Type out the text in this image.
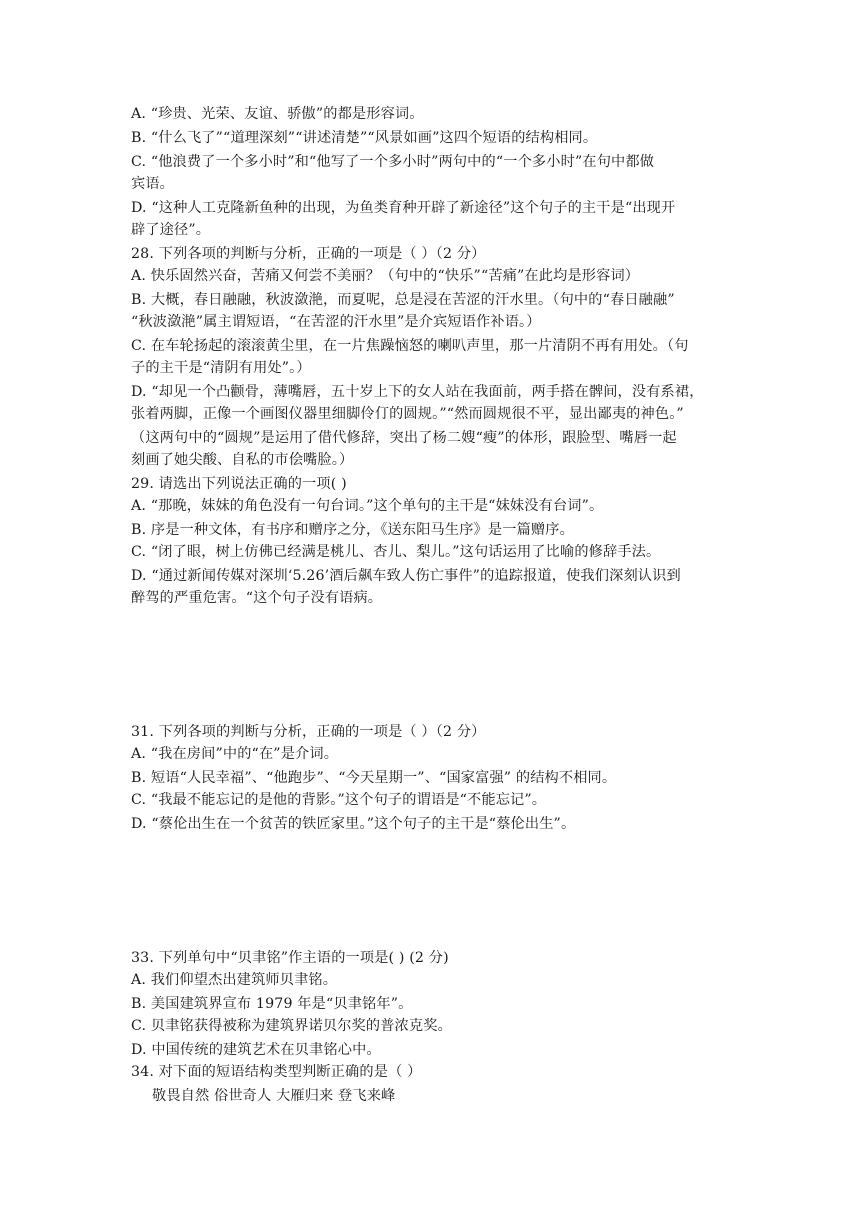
A. “珍贵、光荣、友谊、骄傲”的都是形容词。
B. “什么飞了”“道理深刻”“讲述清楚”“风景如画”这四个短语的结构相同。
C. “他浪费了一个多小时”和“他写了一个多小时”两句中的“一个多小时”在句中都做
宾语。
D. “这种人工克隆新鱼种的出现，为鱼类育种开辟了新途径”这个句子的主干是“出现开
辟了途径”。
28. 下列各项的判断与分析，正确的一项是（ ）（2 分）
A. 快乐固然兴奋，苦痛又何尝不美丽？（句中的“快乐”“苦痛”在此均是形容词）
B. 大概，春日融融，秋波潋滟，而夏呢，总是浸在苦涩的汗水里。（句中的“春日融融”
“秋波潋滟”属主谓短语，“在苦涩的汗水里”是介宾短语作补语。）
C. 在车轮扬起的滚滚黄尘里，在一片焦躁恼怒的喇叭声里，那一片清阴不再有用处。（句
子的主干是“清阴有用处”。）
D. “却见一个凸颧骨，薄嘴唇，五十岁上下的女人站在我面前，两手搭在髀间，没有系裙，
张着两脚，正像一个画图仪器里细脚伶仃的圆规。”“然而圆规很不平，显出鄙夷的神色。”
（这两句中的“圆规”是运用了借代修辞，突出了杨二嫂“瘦”的体形，跟脸型、嘴唇一起
刻画了她尖酸、自私的市侩嘴脸。）
29. 请选出下列说法正确的一项( )
A. “那晚，妹妹的角色没有一句台词。”这个单句的主干是“妹妹没有台词”。
B. 序是一种文体，有书序和赠序之分，《送东阳马生序》是一篇赠序。
C. “闭了眼，树上仿佛已经满是桃儿、杏儿、梨儿。”这句话运用了比喻的修辞手法。
D. “通过新闻传媒对深圳‘5.26’酒后飙车致人伤亡事件”的追踪报道，使我们深刻认识到
醉驾的严重危害。“这个句子没有语病。
31. 下列各项的判断与分析，正确的一项是（ ）（2 分）
A. “我在房间”中的“在”是介词。
B. 短语“人民幸福”、“他跑步”、“今天星期一”、“国家富强” 的结构不相同。
C. “我最不能忘记的是他的背影。”这个句子的谓语是“不能忘记”。
D. “蔡伦出生在一个贫苦的铁匠家里。”这个句子的主干是“蔡伦出生”。
33. 下列单句中“贝聿铭”作主语的一项是( ) (2 分)
A. 我们仰望杰出建筑师贝聿铭。
B. 美国建筑界宣布 1979 年是“贝聿铭年”。
C. 贝聿铭获得被称为建筑界诺贝尔奖的普浓克奖。
D. 中国传统的建筑艺术在贝聿铭心中。
34. 对下面的短语结构类型判断正确的是（ ）
敬畏自然 俗世奇人 大雁归来 登飞来峰
